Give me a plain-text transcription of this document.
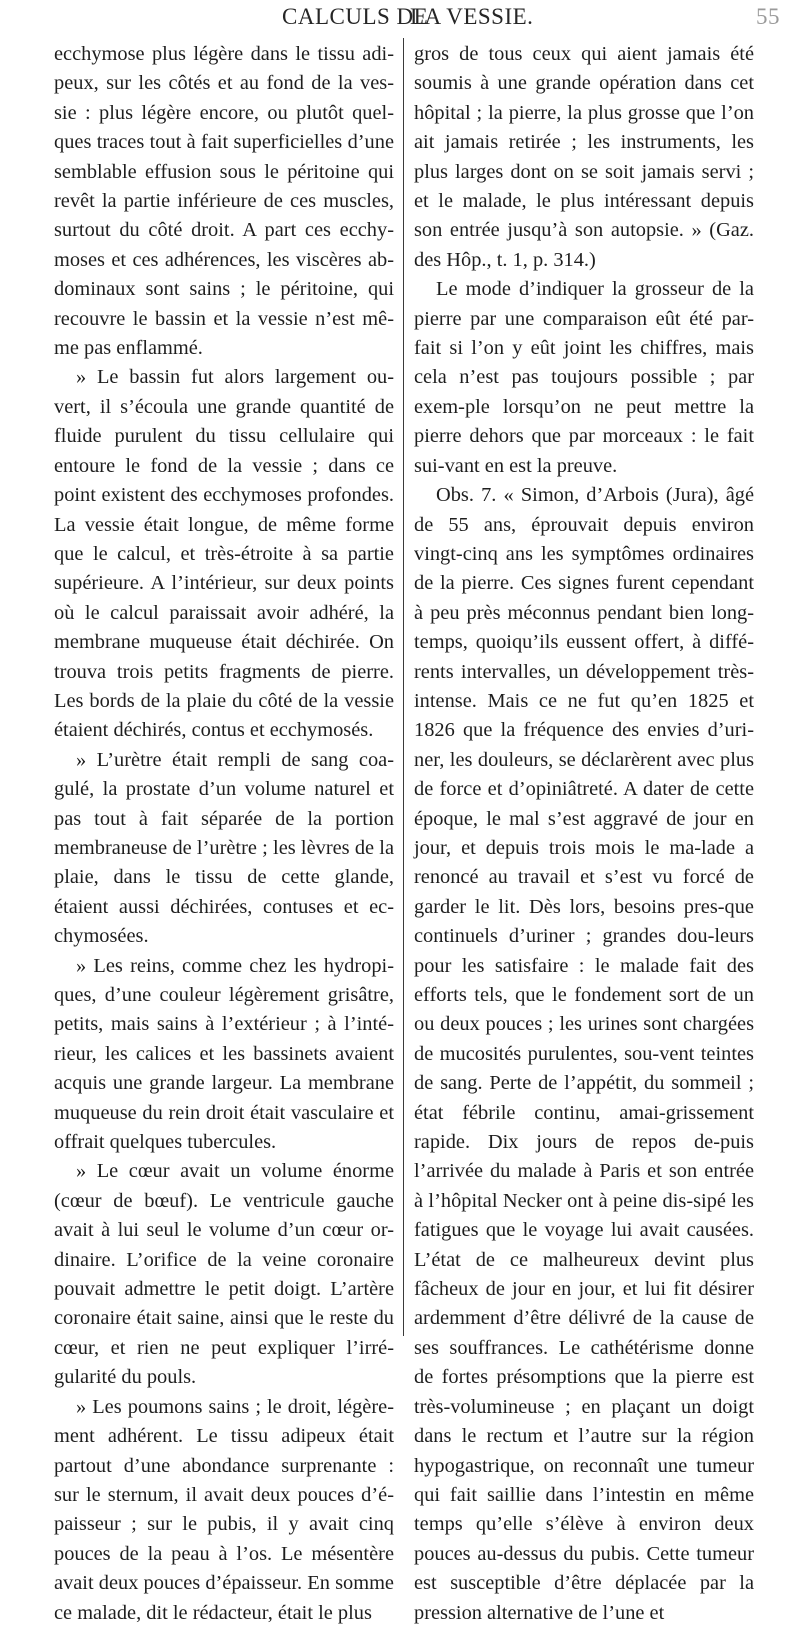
CALCULS DE
LA VESSIE.	55

ecchymose plus légère dans le tissu adi-peux, sur les côtés et au fond de la ves-sie : plus légère encore, ou plutôt quel-ques traces tout à fait superficielles d’une semblable effusion sous le péritoine qui revêt la partie inférieure de ces muscles, surtout du côté droit. A part ces ecchy-moses et ces adhérences, les viscères ab-dominaux sont sains ; le péritoine, qui recouvre le bassin et la vessie n’est mê-me pas enflammé.

» Le bassin fut alors largement ou-vert, il s’écoula une grande quantité de fluide purulent du tissu cellulaire qui entoure le fond de la vessie ; dans ce point existent des ecchymoses profondes. La vessie était longue, de même forme que le calcul, et très-étroite à sa partie supérieure. A l’intérieur, sur deux points où le calcul paraissait avoir adhéré, la membrane muqueuse était déchirée. On trouva trois petits fragments de pierre. Les bords de la plaie du côté de la vessie étaient déchirés, contus et ecchymosés.

» L’urètre était rempli de sang coa-gulé, la prostate d’un volume naturel et pas tout à fait séparée de la portion membraneuse de l’urètre ; les lèvres de la plaie, dans le tissu de cette glande, étaient aussi déchirées, contuses et ec-chymosées.

» Les reins, comme chez les hydropi-ques, d’une couleur légèrement grisâtre, petits, mais sains à l’extérieur ; à l’inté-rieur, les calices et les bassinets avaient acquis une grande largeur. La membrane muqueuse du rein droit était vasculaire et offrait quelques tubercules.

» Le cœur avait un volume énorme (cœur de bœuf). Le ventricule gauche avait à lui seul le volume d’un cœur or-dinaire. L’orifice de la veine coronaire pouvait admettre le petit doigt. L’artère coronaire était saine, ainsi que le reste du cœur, et rien ne peut expliquer l’irré-gularité du pouls.

» Les poumons sains ; le droit, légère-ment adhérent. Le tissu adipeux était partout d’une abondance surprenante : sur le sternum, il avait deux pouces d’é-paisseur ; sur le pubis, il y avait cinq pouces de la peau à l’os. Le mésentère avait deux pouces d’épaisseur. En somme ce malade, dit le rédacteur, était le plus

gros de tous ceux qui aient jamais été soumis à une grande opération dans cet hôpital ; la pierre, la plus grosse que l’on ait jamais retirée ; les instruments, les plus larges dont on se soit jamais servi ; et le malade, le plus intéressant depuis son entrée jusqu’à son autopsie. » (Gaz. des Hôp., t. 1, p. 314.)

Le mode d’indiquer la grosseur de la pierre par une comparaison eût été par-fait si l’on y eût joint les chiffres, mais cela n’est pas toujours possible ; par exem-ple lorsqu’on ne peut mettre la pierre dehors que par morceaux : le fait sui-vant en est la preuve.

Obs. 7. « Simon, d’Arbois (Jura), âgé de 55 ans, éprouvait depuis environ vingt-cinq ans les symptômes ordinaires de la pierre. Ces signes furent cependant à peu près méconnus pendant bien long-temps, quoiqu’ils eussent offert, à diffé-rents intervalles, un développement très-intense. Mais ce ne fut qu’en 1825 et 1826 que la fréquence des envies d’uri-ner, les douleurs, se déclarèrent avec plus de force et d’opiniâtreté. A dater de cette époque, le mal s’est aggravé de jour en jour, et depuis trois mois le ma-lade a renoncé au travail et s’est vu forcé de garder le lit. Dès lors, besoins pres-que continuels d’uriner ; grandes dou-leurs pour les satisfaire : le malade fait des efforts tels, que le fondement sort de un ou deux pouces ; les urines sont chargées de mucosités purulentes, sou-vent teintes de sang. Perte de l’appétit, du sommeil ; état fébrile continu, amai-grissement rapide. Dix jours de repos de-puis l’arrivée du malade à Paris et son entrée à l’hôpital Necker ont à peine dis-sipé les fatigues que le voyage lui avait causées. L’état de ce malheureux devint plus fâcheux de jour en jour, et lui fit désirer ardemment d’être délivré de la cause de ses souffrances. Le cathétérisme donne de fortes présomptions que la pierre est très-volumineuse ; en plaçant un doigt dans le rectum et l’autre sur la région hypogastrique, on reconnaît une tumeur qui fait saillie dans l’intestin en même temps qu’elle s’élève à environ deux pouces au-dessus du pubis. Cette tumeur est susceptible d’être déplacée par la pression alternative de l’une et
